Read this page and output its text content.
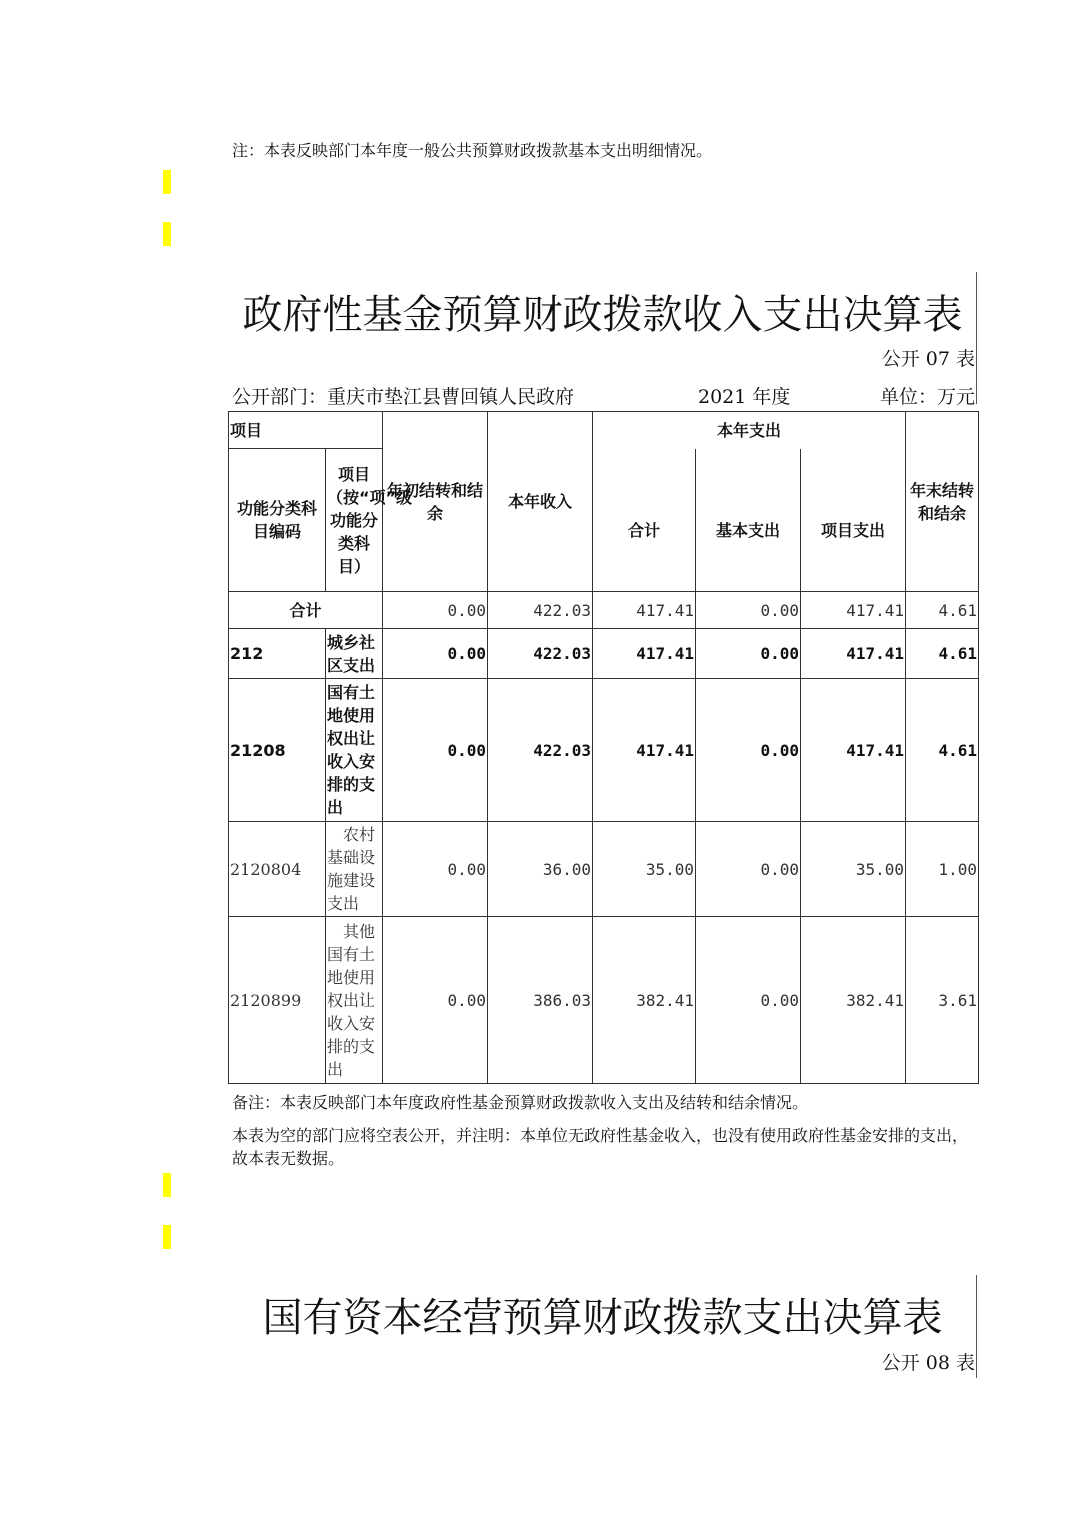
注：本表反映部门本年度一般公共预算财政拨款基本支出明细情况。
政府性基金预算财政拨款收入支出决算表
公开 07 表
公开部门：重庆市垫江县曹回镇人民政府	2021 年度	单位：万元
项目		年初结转和结余	本年收入	本年支出			年末结转和结余
功能分类科目编码	项目（按“项”级功能分类科目）			合计	基本支出	项目支出	
合计		0.00	422.03	417.41	0.00	417.41	4.61
212	城乡社区支出	0.00	422.03	417.41	0.00	417.41	4.61
21208	国有土地使用权出让收入安排的支出	0.00	422.03	417.41	0.00	417.41	4.61
2120804	农村基础设施建设支出	0.00	36.00	35.00	0.00	35.00	1.00
2120899	其他国有土地使用权出让收入安排的支出	0.00	386.03	382.41	0.00	382.41	3.61
备注：本表反映部门本年度政府性基金预算财政拨款收入支出及结转和结余情况。
本表为空的部门应将空表公开，并注明：本单位无政府性基金收入，也没有使用政府性基金安排的支出，故本表无数据。
国有资本经营预算财政拨款支出决算表
公开 08 表
